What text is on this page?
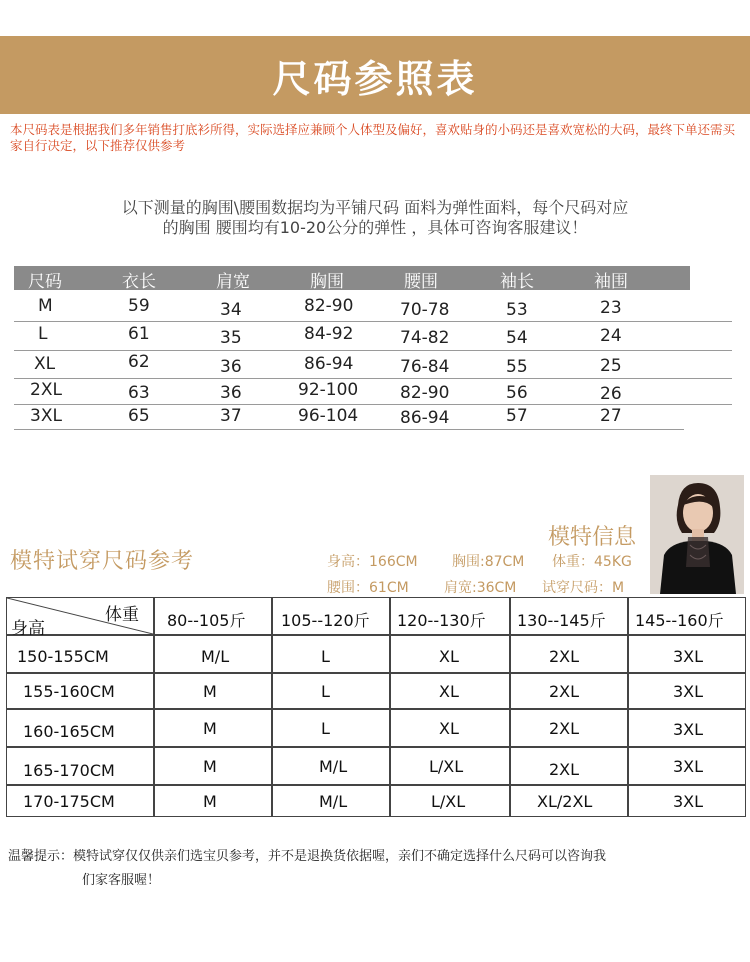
尺码参照表
本尺码表是根据我们多年销售打底衫所得，实际选择应兼顾个人体型及偏好，喜欢贴身的小码还是喜欢宽松的大码，最终下单还需买家自行决定，以下推荐仅供参考
以下测量的胸围\腰围数据均为平铺尺码 面料为弹性面料，每个尺码对应
的胸围 腰围均有10-20公分的弹性 ，具体可咨询客服建议！
尺码	衣长	肩宽	胸围	腰围	袖长	袖围
M	59	34	82-90	70-78	53	23
L	61	35	84-92	74-82	54	24
XL	62	36	86-94	76-84	55	25
2XL	63	36	92-100 82-90	56	26
3XL	65	37	96-104 86-94	57	27
模特信息
模特试穿尺码参考	身高：166CM 胸围:87CM 体重：45KG
腰围：61CM	肩宽:36CM 试穿尺码：M
体重
身高	80--105斤 105--120斤 120--130斤 130--145斤 145--160斤
150-155CM	M/L	L	XL	2XL	3XL
155-160CM	M	L	XL	2XL	3XL
160-165CM	M	L	XL	2XL	3XL
165-170CM	M	M/L	L/XL	2XL	3XL
170-175CM	M	M/L	L/XL	XL/2XL	3XL
温馨提示：模特试穿仅仅供亲们选宝贝参考，并不是退换货依据喔，亲们不确定选择什么尺码可以咨询我
们家客服喔！
